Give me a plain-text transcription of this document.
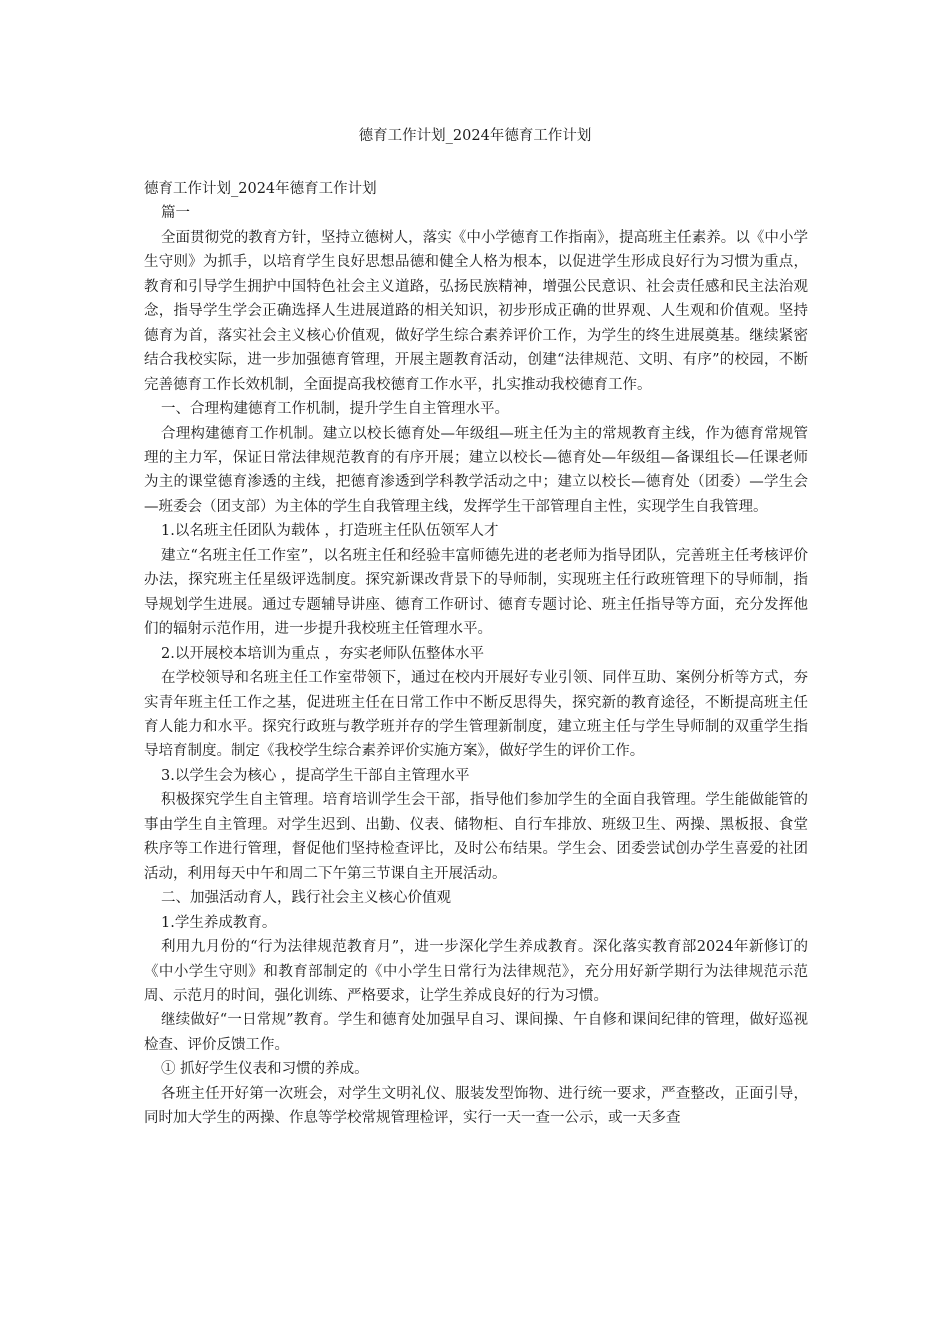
德育工作计划_2024年德育工作计划

德育工作计划_2024年德育工作计划

篇一

全面贯彻党的教育方针，坚持立德树人，落实《中小学德育工作指南》，提高班主任素养。以《中小学生守则》为抓手，以培育学生良好思想品德和健全人格为根本，以促进学生形成良好行为习惯为重点，教育和引导学生拥护中国特色社会主义道路，弘扬民族精神，增强公民意识、社会责任感和民主法治观念，指导学生学会正确选择人生进展道路的相关知识，初步形成正确的世界观、人生观和价值观。坚持德育为首，落实社会主义核心价值观，做好学生综合素养评价工作，为学生的终生进展奠基。继续紧密结合我校实际，进一步加强德育管理，开展主题教育活动，创建“法律规范、文明、有序”的校园，不断完善德育工作长效机制，全面提高我校德育工作水平，扎实推动我校德育工作。

一、合理构建德育工作机制，提升学生自主管理水平。

合理构建德育工作机制。建立以校长德育处—年级组—班主任为主的常规教育主线，作为德育常规管理的主力军，保证日常法律规范教育的有序开展；建立以校长—德育处—年级组—备课组长—任课老师为主的课堂德育渗透的主线，把德育渗透到学科教学活动之中；建立以校长—德育处（团委）—学生会—班委会（团支部）为主体的学生自我管理主线，发挥学生干部管理自主性，实现学生自我管理。

1.以名班主任团队为载体 ，打造班主任队伍领军人才

建立“名班主任工作室”，以名班主任和经验丰富师德先进的老老师为指导团队，完善班主任考核评价办法，探究班主任星级评选制度。探究新课改背景下的导师制，实现班主任行政班管理下的导师制，指导规划学生进展。通过专题辅导讲座、德育工作研讨、德育专题讨论、班主任指导等方面，充分发挥他们的辐射示范作用，进一步提升我校班主任管理水平。

2.以开展校本培训为重点 ，夯实老师队伍整体水平

在学校领导和名班主任工作室带领下，通过在校内开展好专业引领、同伴互助、案例分析等方式，夯实青年班主任工作之基，促进班主任在日常工作中不断反思得失，探究新的教育途径，不断提高班主任育人能力和水平。探究行政班与教学班并存的学生管理新制度，建立班主任与学生导师制的双重学生指导培育制度。制定《我校学生综合素养评价实施方案》，做好学生的评价工作。

3.以学生会为核心 ，提高学生干部自主管理水平

积极探究学生自主管理。培育培训学生会干部，指导他们参加学生的全面自我管理。学生能做能管的事由学生自主管理。对学生迟到、出勤、仪表、储物柜、自行车排放、班级卫生、两操、黑板报、食堂秩序等工作进行管理，督促他们坚持检查评比，及时公布结果。学生会、团委尝试创办学生喜爱的社团活动，利用每天中午和周二下午第三节课自主开展活动。

二、加强活动育人，践行社会主义核心价值观

1.学生养成教育。

利用九月份的“行为法律规范教育月”，进一步深化学生养成教育。深化落实教育部2024年新修订的《中小学生守则》和教育部制定的《中小学生日常行为法律规范》，充分用好新学期行为法律规范示范周、示范月的时间，强化训练、严格要求，让学生养成良好的行为习惯。

继续做好“一日常规”教育。学生和德育处加强早自习、课间操、午自修和课间纪律的管理，做好巡视检查、评价反馈工作。

① 抓好学生仪表和习惯的养成。

各班主任开好第一次班会，对学生文明礼仪、服装发型饰物、进行统一要求，严查整改，正面引导，同时加大学生的两操、作息等学校常规管理检评，实行一天一查一公示，或一天多查
